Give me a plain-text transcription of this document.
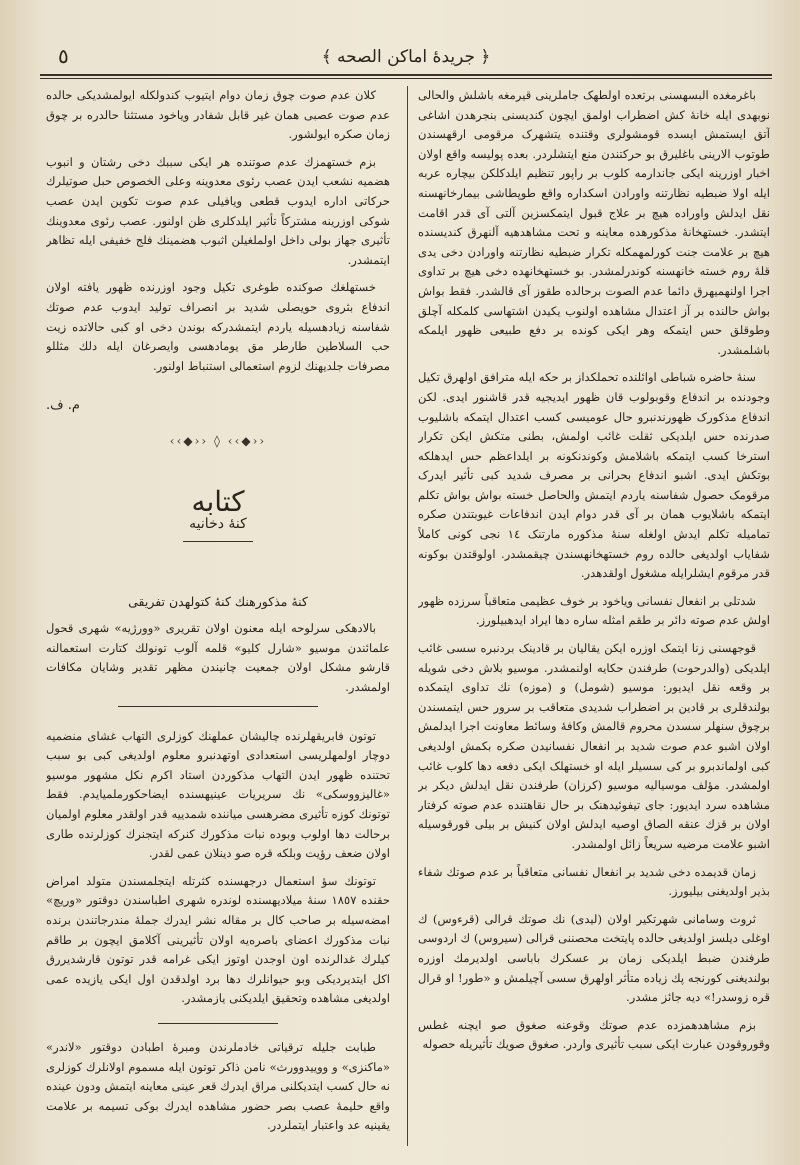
﴿ جریدهٔ اماکن الصحه ﴾
٥

باغرمغده البسهسنی برتعده اولطهک جاملرینی قیرمغه باشلش والحالی نوبهدی ایله خانهٔ کش اضطراب اولمق ایچون کندیسنی بنجرهدن اشاغی آتق ایستمش ایسده قومشولری وقتنده یتشهرک مرقومی ارقهسندن طوتوب الارینی باغلیرق بو حرکتندن منع ایتشلردر. بعده پولیسه واقع اولان اخبار اوزرینه ایکی جاندارمه کلوب بر راپور تنظیم ایلدکلکن بیچاره عربه ایله اولا ضبطیه نظارتنه واورادن اسکداره واقع طوپطاشی بیمارخانهسنه نقل ایدلش واوراده هیچ بر علاج قبول ایتمکسزین آلتی آی قدر اقامت ایتشدر. خستهخانهٔ مذکورهده معاینه و تحت مشاهدهیه آلنهرق کندیسنده هیچ بر علامت جنت کورلمهمکله تکرار ضبطیه نظارتنه واورادن دخی یدی قلهٔ روم خسته خانهسنه کوندرلمشدر. بو خستهخانهده دخی هیچ بر تداوی اجرا اولنهمیهرق دائما عدم الصوت برحالده طقوز آی قالشدر. فقط بواش بواش حالنده بر آز اعتدال مشاهده اولنوب یکیدن اشتهاسی کلمکله آچلق وطوقلق حس ایتمکه وهر ایکی کونده بر دفع طبیعی ظهور ایلمکه باشلمشدر.

سنهٔ حاضره شباطی اوائلنده تحملکداز بر حکه ایله مترافق اولهرق تکیل وجودنده بر اندفاع وقوبولوب قان ظهور ایدیجیه قدر قاشنور ایدی. لکن اندفاع مذکورک ظهورندنبرو حال عومیسی کسب اعتدال ایتمکه باشلیوب صدرنده حس ایلدیکی ثقلت غائب اولمش، بطنی متکش ایکن تکرار استرخا کسب ایتمکه باشلامش وکوندنکونه بر ایلداعظم حس ایدهلکه بوتکش ایدی. اشبو اندفاع بحرانی بر مصرف شدید کبی تأثیر ایدرک مرقومک حصول شفاسنه یاردم ایتمش والحاصل خسته بواش بواش تکلم ایتمکه باشلایوب همان بر آی قدر دوام ایدن اندفاعات غیوبتندن صکره تمامیله تکلم ایدش اولغله سنهٔ مذکوره مارتنک ١٤ نجی کونی کاملاً شفایاب اولدیغی حالده روم خستهخانهسندن چیقمشدر. اولوقتدن بوکونه قدر مرقوم ایشلرایله مشغول اولقدهدر.

شدتلی بر انفعال نفسانی ویاخود بر خوف عظیمی متعاقباً سرزده ظهور اولش عدم صوته دائر بر طقم امثله ساره دها ایراد ایدهبیلورز.

قوجهسنی زنا ایتمک اوزره ایکن یقالیان بر قادینک بردنبره سسی غائب ایلدیکی (والدرحوت) طرفندن حکایه اولنمشدر. موسیو بلاش دخی شویله بر وقعه نقل ایدیور: موسیو (شومل) و (موزه) نك تداوی ایتمکده بولندقلری بر قادین بر اضطراب شدیدی متعاقب بر سرور حس ایتمسندن برچوق سنهلر سسدن محروم قالمش وکافهٔ وسائط معاونت اجرا ایدلمش اولان اشبو عدم صوت شدید بر انفعال نفسانیدن صکره بکمش اولدیغی کبی اولماندبرو بر کی سسیلر ایله او خستهلک ایکی دفعه دها کلوب غائب اولمشدر. مؤلف موسیالیه موسیو (کرزان) طرفندن نقل ایدلش دیکر بر مشاهده سرد ایدیور: جای تیفوئیدهنک بر حال نقاهتنده عدم صوته کرفتار اولان بر قزك عنقه الصاق اوصیه ایدلش اولان کنیش بر بیلی قورقوسیله اشبو علامت مرضیه سریعاً زائل اولمشدر.

زمان قدیمده دخی شدید بر انفعال نفسانی متعاقباً بر عدم صوتك شفاء بذیر اولدیغنی بیلیورز.

ثروت وسامانی شهرتکیر اولان (لیدی) نك صوتك قرالی (قرءوس) ك اوغلی دیلسز اولدیغی حالده پایتخت محصننی قرالی (سیروس) ك اردوسی طرفندن ضبط ایلدیکی زمان بر عسکرك باباسی اولدیرمك اوزره بولندیغنی کورنجه پك زیاده متأثر اولهرق سسی آچیلمش و «طور! او قرال قره زوسدر!» دیه جائز مشدر.

بزم مشاهدهمزده عدم صوتك وقوعنه صغوق صو ایچنه غطس وقوروقودن عبارت ایکی سبب تأثیری واردر. صغوق صویك تأثیریله حصوله

کلان عدم صوت چوق زمان دوام ایتیوب کندولکله ایولمشدیکی حالده عدم صوت عصبی همان غیر قابل شفادر ویاخود مستثنا حالدره بر چوق زمان صکره ایولشور.

بزم خستهمزك عدم صوتنده هر ایکی سببك دخی رشتان و انبوب هضمیه نشعب ایدن عصب رئوی معدوینه وعلی الخصوص حبل صوتیلرك حرکاتی اداره ایدوب قطعی ویافیلی عدم صوت تکوین ایدن عصب شوکی اوزرینه مشترکاً تأثیر ایلدکلری ظن اولنور. عصب رئوی معدوینك تأثیری جهاز بولی داخل اولملغیلن اثبوب هضمینك فلج خفیفی ایله تظاهر ایتمشدر.

خستهلغك صوکنده طوغری تکیل وجود اوزرنده ظهور یافته اولان اندفاع بثروی حویصلی شدید بر انصراف تولید ایدوب عدم صوتك شفاسنه زیادهسیله یاردم ایتمشدرکه بوندن دخی او کبی حالاتده زیت حب السلاطین طارطر مق یومادهسی وایصرغان ایله دلك مثللو مصرفات جلدیهنك لزوم استعمالی استنباط اولنور.

م. ف.
‹‹◆›› ◊ ‹‹◆››
کتابه
کنهٔ دخانیه

کنهٔ مذکورهنك کنهٔ کتولهدن تفریقی

بالادهکی سرلوحه ایله معنون اولان تقریری «وورژیه» شهری قحول علمائندن موسیو «شارل کلیو» قلمه آلوب تونولك کتارت استعمالنه قارشو مشکل اولان جمعیت چانیندن مظهر تقدیر وشایان مکافات اولمشدر.

توتون فابریقهلرنده چالیشان عملهنك کوزلری التهاب غشای منضمیه دوچار اولمهلریسی استعدادی اوتهدنبرو معلوم اولدیغی کبی بو سبب تحتنده ظهور ایدن التهاب مذکوردن استاد اکرم نکل مشهور موسیو «غالیزووسکی» نك سریریات عینیهسنده ایضاحکورملمیایدم. فقط توتونك کوزه تأثیری مضرهسی میاننده شمدییه قدر اولقدر معلوم اولمیان برحالت دها اولوب وبوده نبات مذکورك کنرکه ایتجنرك کوزلرنده طاری اولان ضعف رؤیت وبلکه قره صو دینلان عمی لقدر.

توتونك سؤ استعمال درجهسنده کثرتله ایتجلمسندن متولد امراض حقنده ١٨٥٧ سنهٔ میلادیهسنده لوندره شهری اطباسندن دوقتور «وریچ» امضه‌سیله بر صاحب کال بر مقاله نشر ایدرك جملهٔ مندرجاتندن برنده نبات مذکورك اعضای باصره‌یه اولان تأثیرینی آکلامق ایچون بر طاقم کیلرك غدالرنده اون اوجدن اوتوز ایکی غرامه قدر توتون قارشدیررق اکل ایتدیردیکی وبو حیوانلرك دها برد اولدقدن اول ایکی یازیده عمی اولدیغی مشاهده وتحقیق ایلدیکنی یازمشدر.

طبابت جلیله ترقیاتی خادملرندن ومبرهٔ اطبادن دوقتور «لاندر» «ماکنزی» و ووییدوورث» نامن ذاکر توتون ایله مسموم اولانلرك کوزلری نه حال کسب ایتدیکلنی مراق ایدرك قعر عینی معاینه ایتمش ودون عینده واقع حلیمهٔ عصب بصر حضور مشاهده ایدرك بوکی تسیمه بر علامت یقینیه عد واعتبار ایتملردر.
